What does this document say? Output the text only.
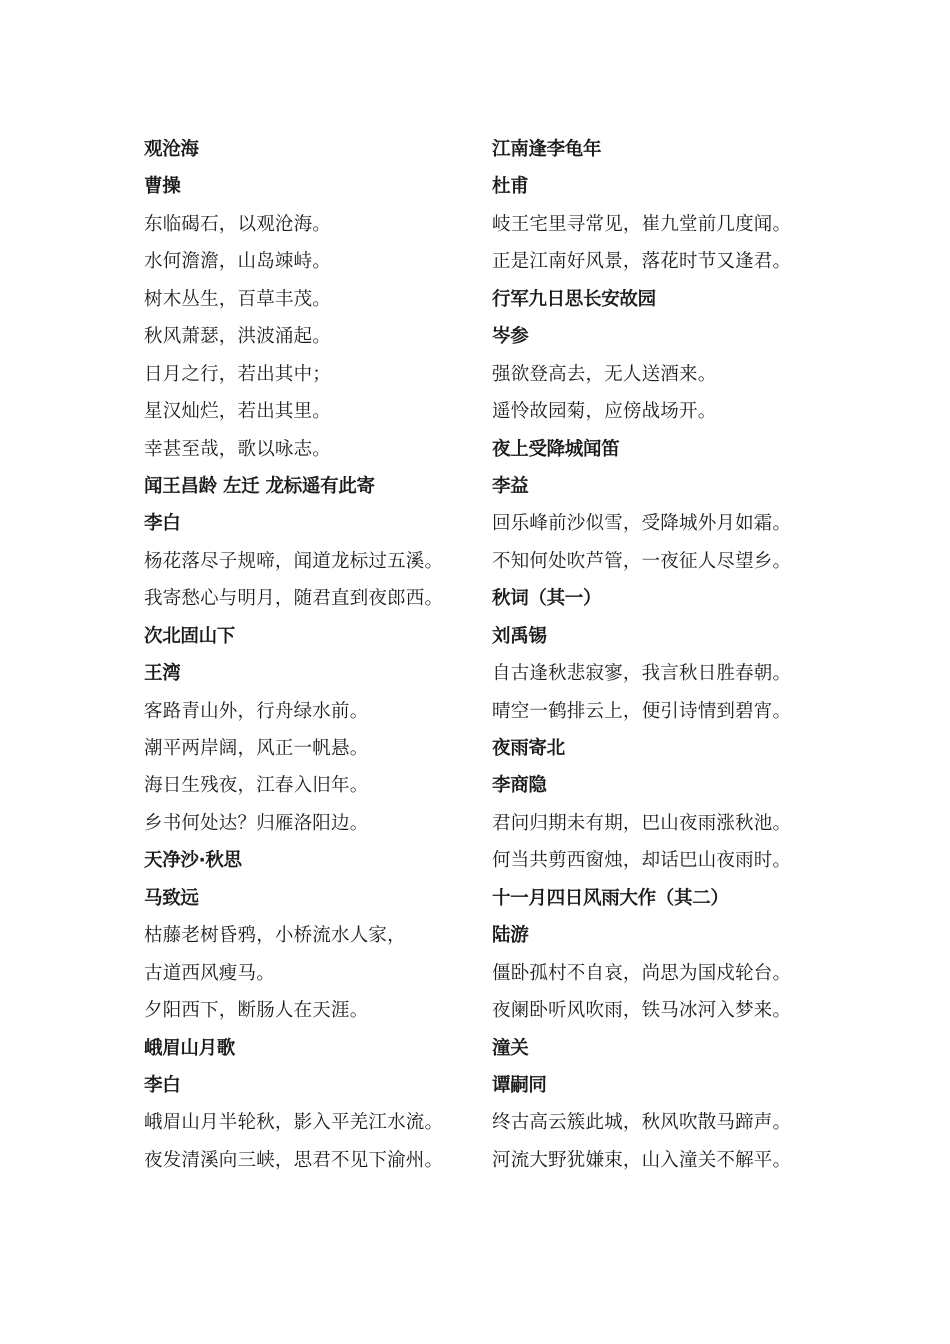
观沧海
曹操
东临碣石，以观沧海。
水何澹澹，山岛竦峙。
树木丛生，百草丰茂。
秋风萧瑟，洪波涌起。
日月之行，若出其中；
星汉灿烂，若出其里。
幸甚至哉，歌以咏志。
闻王昌龄 左迁 龙标遥有此寄
李白
杨花落尽子规啼，闻道龙标过五溪。
我寄愁心与明月，随君直到夜郎西。
次北固山下
王湾
客路青山外，行舟绿水前。
潮平两岸阔，风正一帆悬。
海日生残夜，江春入旧年。
乡书何处达？归雁洛阳边。
天净沙·秋思
马致远
枯藤老树昏鸦，小桥流水人家，
古道西风瘦马。
夕阳西下，断肠人在天涯。
峨眉山月歌
李白
峨眉山月半轮秋，影入平羌江水流。
夜发清溪向三峡，思君不见下渝州。
江南逢李龟年
杜甫
岐王宅里寻常见，崔九堂前几度闻。
正是江南好风景，落花时节又逢君。
行军九日思长安故园
岑参
强欲登高去，无人送酒来。
遥怜故园菊，应傍战场开。
夜上受降城闻笛
李益
回乐峰前沙似雪，受降城外月如霜。
不知何处吹芦管，一夜征人尽望乡。
秋词（其一）
刘禹锡
自古逢秋悲寂寥，我言秋日胜春朝。
晴空一鹤排云上，便引诗情到碧宵。
夜雨寄北
李商隐
君问归期未有期，巴山夜雨涨秋池。
何当共剪西窗烛，却话巴山夜雨时。
十一月四日风雨大作（其二）
陆游
僵卧孤村不自哀，尚思为国戍轮台。
夜阑卧听风吹雨，铁马冰河入梦来。
潼关
谭嗣同
终古高云簇此城，秋风吹散马蹄声。
河流大野犹嫌束，山入潼关不解平。
